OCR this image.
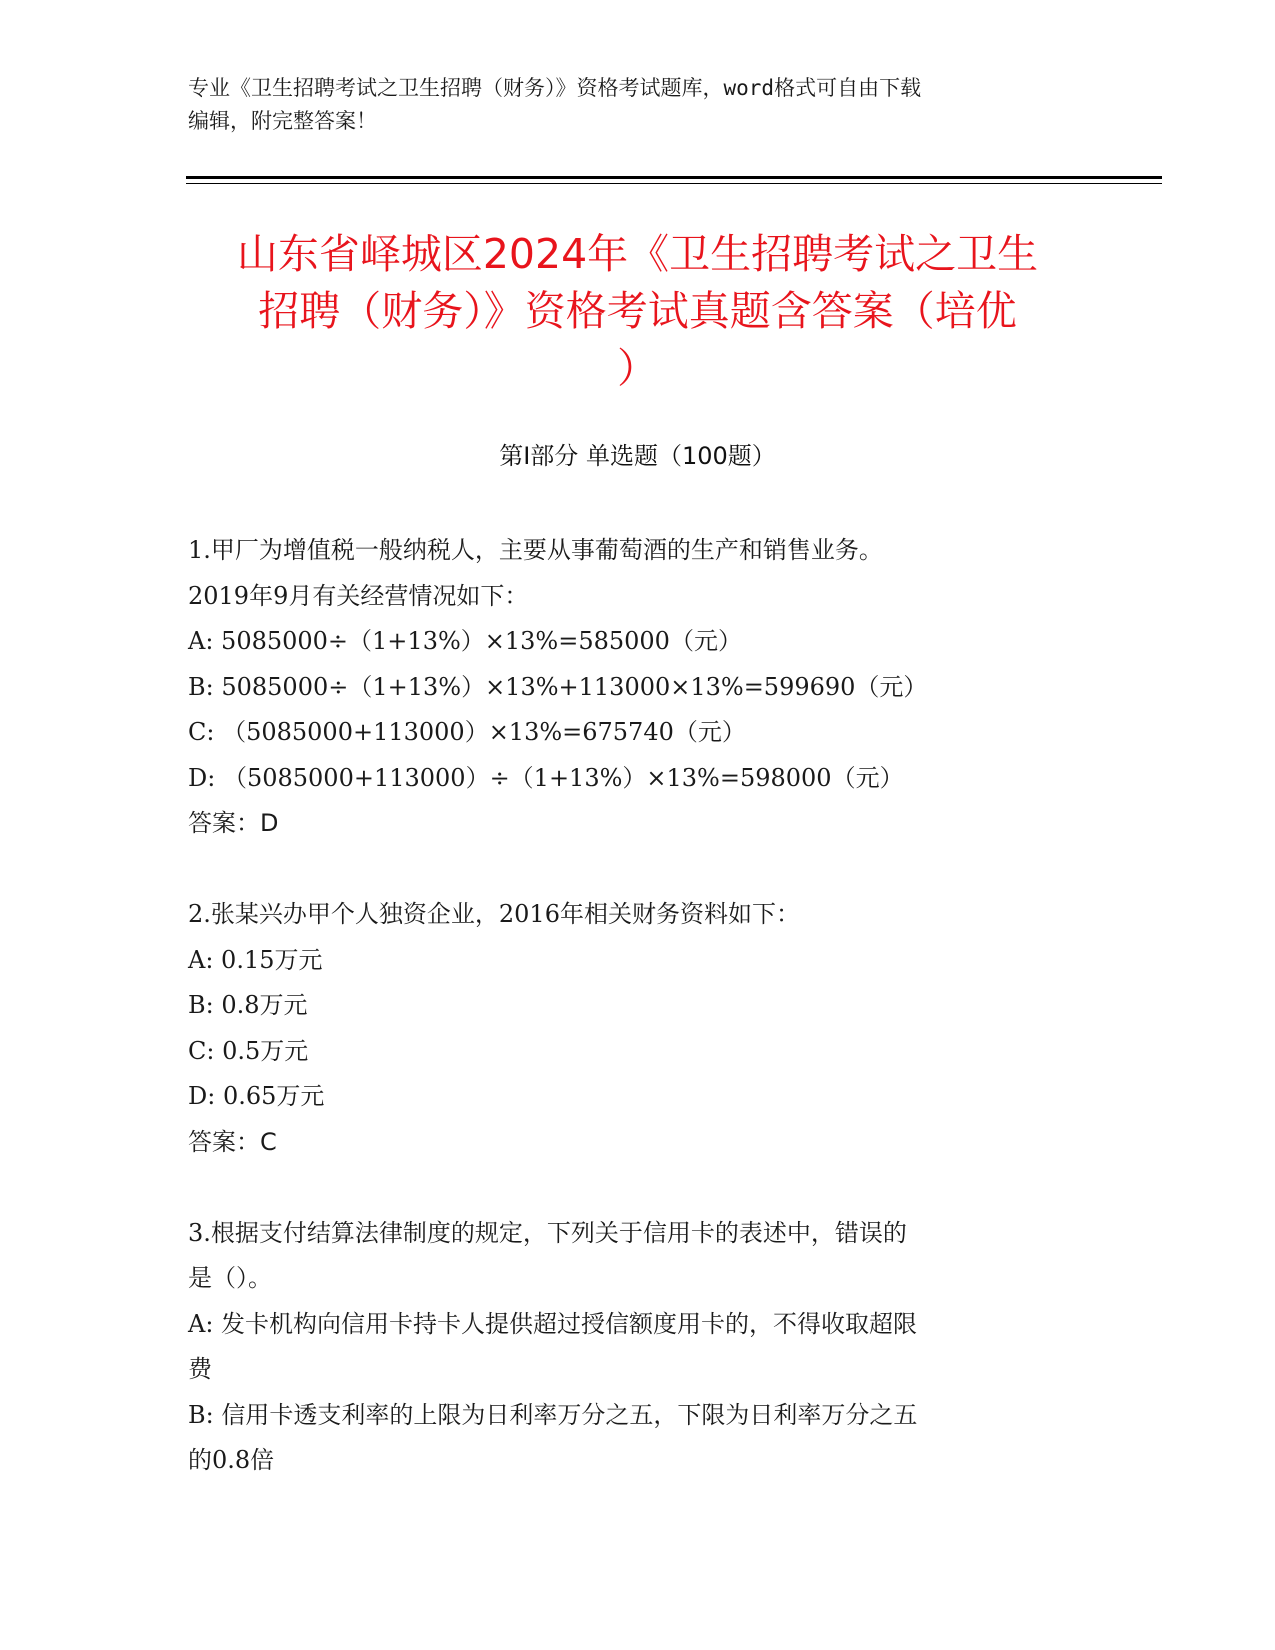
专业《卫生招聘考试之卫生招聘（财务）》资格考试题库，word格式可自由下载
编辑，附完整答案！
山东省峄城区2024年《卫生招聘考试之卫生
招聘（财务）》资格考试真题含答案（培优
）
第Ⅰ部分 单选题（100题）
1.甲厂为增值税一般纳税人，主要从事葡萄酒的生产和销售业务。
2019年9月有关经营情况如下：
A: 5085000÷（1+13%）×13%=585000（元）
B: 5085000÷（1+13%）×13%+113000×13%=599690（元）
C: （5085000+113000）×13%=675740（元）
D: （5085000+113000）÷（1+13%）×13%=598000（元）
答案：D
2.张某兴办甲个人独资企业，2016年相关财务资料如下：
A: 0.15万元
B: 0.8万元
C: 0.5万元
D: 0.65万元
答案：C
3.根据支付结算法律制度的规定，下列关于信用卡的表述中，错误的
是（）。
A: 发卡机构向信用卡持卡人提供超过授信额度用卡的，不得收取超限
费
B: 信用卡透支利率的上限为日利率万分之五，下限为日利率万分之五
的0.8倍
